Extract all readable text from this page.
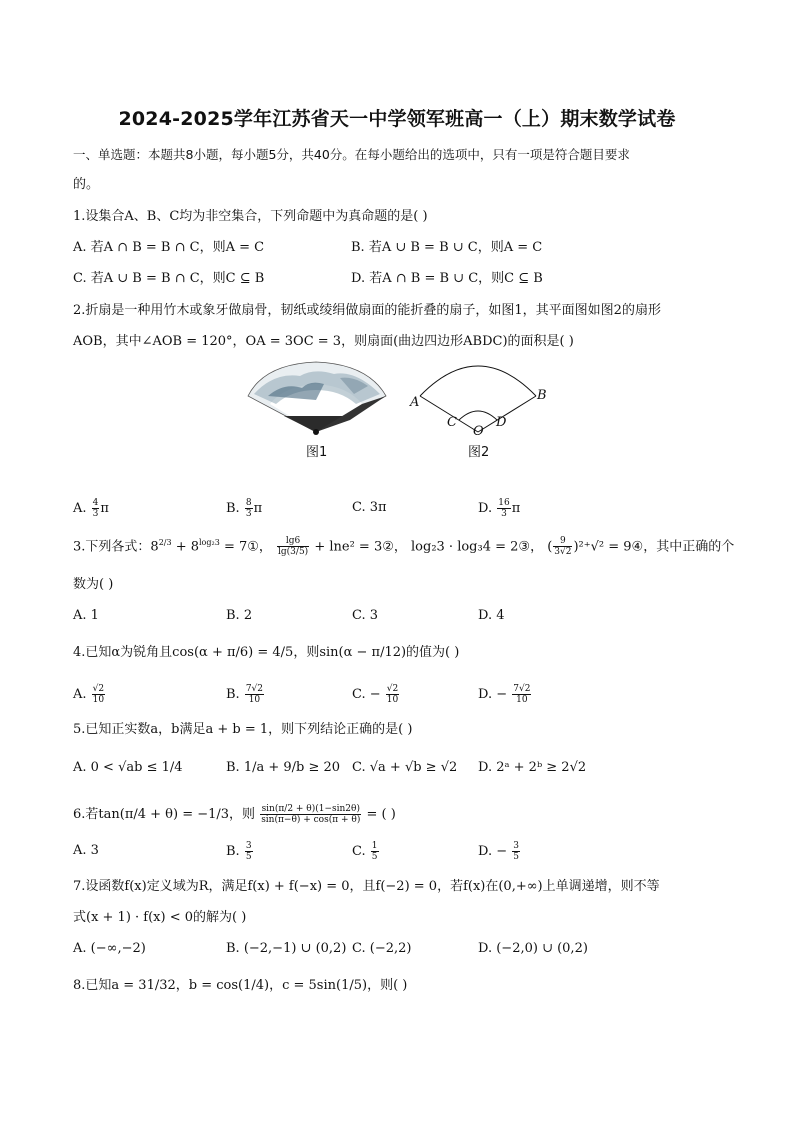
2024-2025学年江苏省天一中学领军班高一（上）期末数学试卷
一、单选题：本题共8小题，每小题5分，共40分。在每小题给出的选项中，只有一项是符合题目要求
的。
1.设集合A、B、C均为非空集合，下列命题中为真命题的是( )
A. 若A ∩ B = B ∩ C，则A = C	B. 若A ∪ B = B ∪ C，则A = C
C. 若A ∪ B = B ∩ C，则C ⊆ B	D. 若A ∩ B = B ∪ C，则C ⊆ B
2.折扇是一种用竹木或象牙做扇骨，韧纸或绫绢做扇面的能折叠的扇子，如图1，其平面图如图2的扇形
AOB，其中∠AOB = 120°，OA = 3OC = 3，则扇面(曲边四边形ABDC)的面积是( )
图1
A	B
C	D
O
图2
A. $\frac{4}{3}$ π	B. $\frac{8}{3}$ π	C. 3π	D. $\frac{16}{3}$ π
3.下列各式：$8^{2/3} + 8^{log_23}$ = 7①， $\frac{\lg 6}{\lg(3/5)} + \ln e^2$ = 3②， log₂3 · log₃4 = 2③， ( $\frac{9}{3√2} )^{2+}√^2$ = 9④，其中正确的个
数为( )
A. 1	B. 2	C. 3	D. 4
4.已知α为锐角且cos(α + π/6) = 4/5，则sin(α − π/12)的值为( )
A. $\frac{√2}{10}$	B. $\frac{7√2}{10}$	C. − $\frac{√2}{10}$	D. − $\frac{7√2}{10}$
5.已知正实数a，b满足a + b = 1，则下列结论正确的是( )
A. 0 < √ab ≤ 1/4	B. 1/a + 9/b ≥ 20 C. √a + √b ≥ √2 D. 2ᵃ + 2ᵇ ≥ 2√2
6.若tan(π/4 + θ) = −1/3，则 $\frac{\sin(\pi/2 + \theta)(1-\sin 2\theta)}{\sin(\pi-\theta) + \cos(\pi + \theta)}$ = ( )
A. 3	B. $\frac{3}{5}$	C. $\frac{1}{5}$	D. − $\frac{3}{5}$
7.设函数f(x)定义域为R，满足f(x) + f(−x) = 0，且f(−2) = 0，若f(x)在(0,+∞)上单调递增，则不等
式(x + 1) · f(x) < 0的解为( )
A. (−∞,−2)	B. (−2,−1) ∪ (0,2) C. (−2,2)	D. (−2,0) ∪ (0,2)
8.已知a = 31/32，b = cos(1/4)，c = 5sin(1/5)，则( )
